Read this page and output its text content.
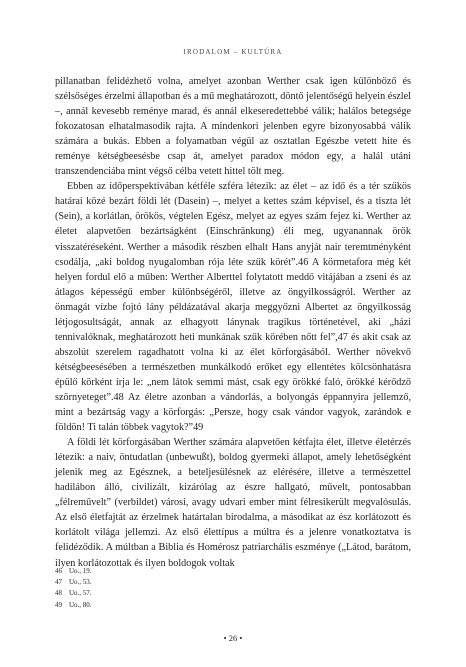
IRODALOM – KULTÚRA

pillanatban felidézhető volna, amelyet azonban Werther csak igen különböző és szélsőséges érzelmi állapotban és a mű meghatározott, döntő jelentőségű helyein észlel –, annál kevesebb reménye marad, és annál elkeseredettebbé válik; halálos betegsége fokozatosan elhatalmasodik rajta. A mindenkori jelenben egyre bizonyosabbá válik számára a bukás. Ebben a folyamatban végül az osztatlan Egészbe vetett hite és reménye kétségbeesésbe csap át, amelyet paradox módon egy, a halál utáni transzendenciába mint végső célba vetett hittel tölt meg.

Ebben az időperspektívában kétféle szféra létezik: az élet – az idő és a tér szűkös határai közé bezárt földi lét (Dasein) –, melyet a kettes szám képvisel, és a tiszta lét (Sein), a korlátlan, örökös, végtelen Egész, melyet az egyes szám fejez ki. Werther az életet alapvetően bezártságként (Einschränkung) éli meg, ugyanannak örök visszatéréseként. Werther a második részben elhalt Hans anyját nair teremtményként csodálja, „aki boldog nyugalomban rója léte szűk körét”.46 A körmetafora még két helyen fordul elő a műben: Werther Alberttel folytatott meddő vitájában a zseni és az átlagos képességű ember különbségéről, illetve az öngyilkosságról. Werther az önmagát vízbe fojtó lány példázatával akarja meggyőzni Albertet az öngyilkosság létjogosultságát, annak az elhagyott lánynak tragikus történetével, aki „házi tennivalóknak, meghatározott heti munkának szűk körében nőtt fel”,47 és akit csak az abszolút szerelem ragadhatott volna ki az élet körforgásából. Werther növekvő kétségbeesésében a természetben munkálkodó erőket egy ellentétes kölcsönhatásra épülő körként írja le: „nem látok semmi mást, csak egy örökké faló, örökké kérődző szörnyeteget”.48 Az életre azonban a vándorlás, a bolyongás éppannyira jellemző, mint a bezártság vagy a körforgás: „Persze, hogy csak vándor vagyok, zarándok e földön! Ti talán többek vagytok?”49

A földi lét körforgásában Werther számára alapvetően kétfajta élet, illetve életérzés létezik: a naiv, öntudatlan (unbewußt), boldog gyermeki állapot, amely lehetőségként jelenik meg az Egésznek, a beteljesülésnek az elérésére, illetve a természettel hadilábon álló, civilizált, kizárólag az észre hallgató, művelt, pontosabban „félreművelt” (verbildet) városi, avagy udvari ember mint félresikerült megvalósulás. Az első életfajtát az érzelmek határtalan birodalma, a másodikat az ész korlátozott és korlátolt világa jellemzi. Az első élettípus a múltra és a jelenre vonatkoztatva is felidéződik. A múltban a Biblia és Homérosz patriarchális eszménye („Látod, barátom, ilyen korlátozottak és ilyen boldogok voltak

46	Uo., 19.
47	Uo., 53.
48	Uo., 57.
49	Uo., 80.
• 26 •
